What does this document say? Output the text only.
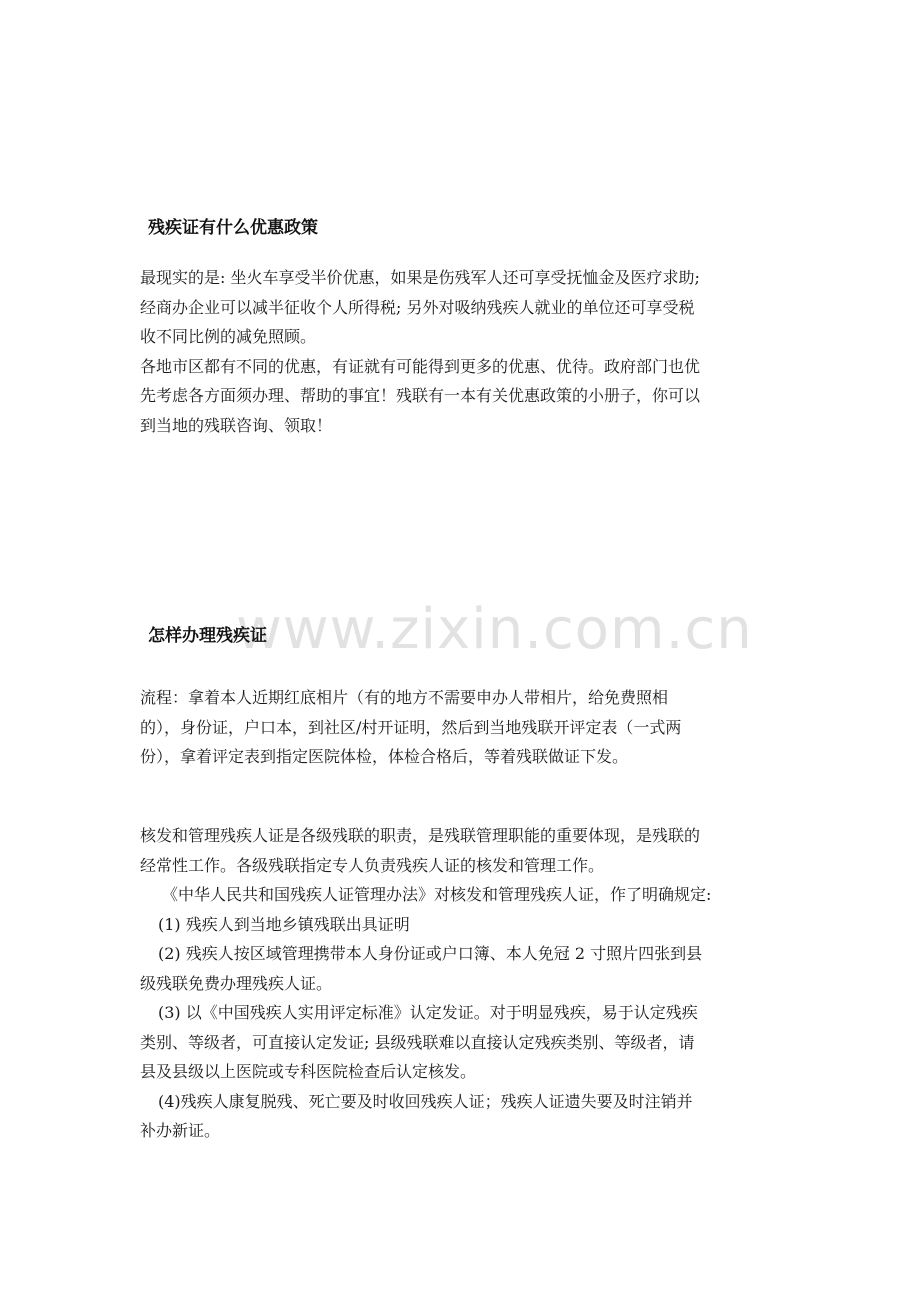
www.zixin.com.cn
残疾证有什么优惠政策
最现实的是: 坐火车享受半价优惠，如果是伤残军人还可享受抚恤金及医疗求助;
经商办企业可以减半征收个人所得税; 另外对吸纳残疾人就业的单位还可享受税
收不同比例的减免照顾。
各地市区都有不同的优惠，有证就有可能得到更多的优惠、优待。政府部门也优
先考虑各方面须办理、帮助的事宜！残联有一本有关优惠政策的小册子，你可以
到当地的残联咨询、领取！
怎样办理残疾证
流程：拿着本人近期红底相片（有的地方不需要申办人带相片，给免费照相
的），身份证，户口本，到社区/村开证明，然后到当地残联开评定表（一式两
份），拿着评定表到指定医院体检，体检合格后，等着残联做证下发。
核发和管理残疾人证是各级残联的职责，是残联管理职能的重要体现，是残联的
经常性工作。各级残联指定专人负责残疾人证的核发和管理工作。
《中华人民共和国残疾人证管理办法》对核发和管理残疾人证，作了明确规定:
(1) 残疾人到当地乡镇残联出具证明
(2) 残疾人按区域管理携带本人身份证或户口簿、本人免冠 2 寸照片四张到县
级残联免费办理残疾人证。
(3) 以《中国残疾人实用评定标准》认定发证。对于明显残疾，易于认定残疾
类别、等级者，可直接认定发证; 县级残联难以直接认定残疾类别、等级者，请
县及县级以上医院或专科医院检查后认定核发。
(4)残疾人康复脱残、死亡要及时收回残疾人证；残疾人证遗失要及时注销并
补办新证。
